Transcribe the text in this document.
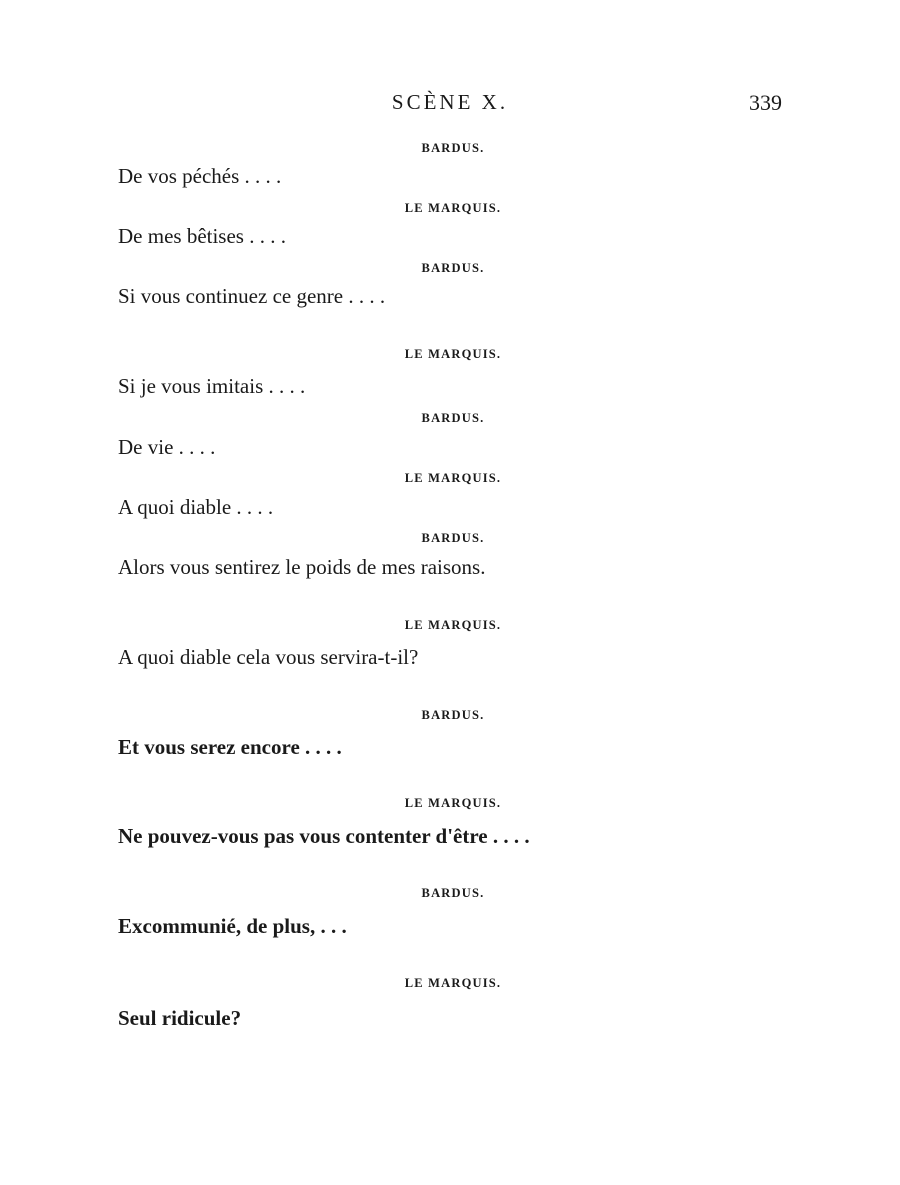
SCÈNE X.	339
BARDUS.
De vos péchés . . . .
LE MARQUIS.
De mes bêtises . . . .
BARDUS.
Si vous continuez ce genre . . . .
LE MARQUIS.
Si je vous imitais . . . .
BARDUS.
De vie . . . .
LE MARQUIS.
A quoi diable . . . .
BARDUS.
Alors vous sentirez le poids de mes raisons.
LE MARQUIS.
A quoi diable cela vous servira-t-il?
BARDUS.
Et vous serez encore . . . .
LE MARQUIS.
Ne pouvez-vous pas vous contenter d'être . . . .
BARDUS.
Excommunié, de plus, . . .
LE MARQUIS.
Seul ridicule?
